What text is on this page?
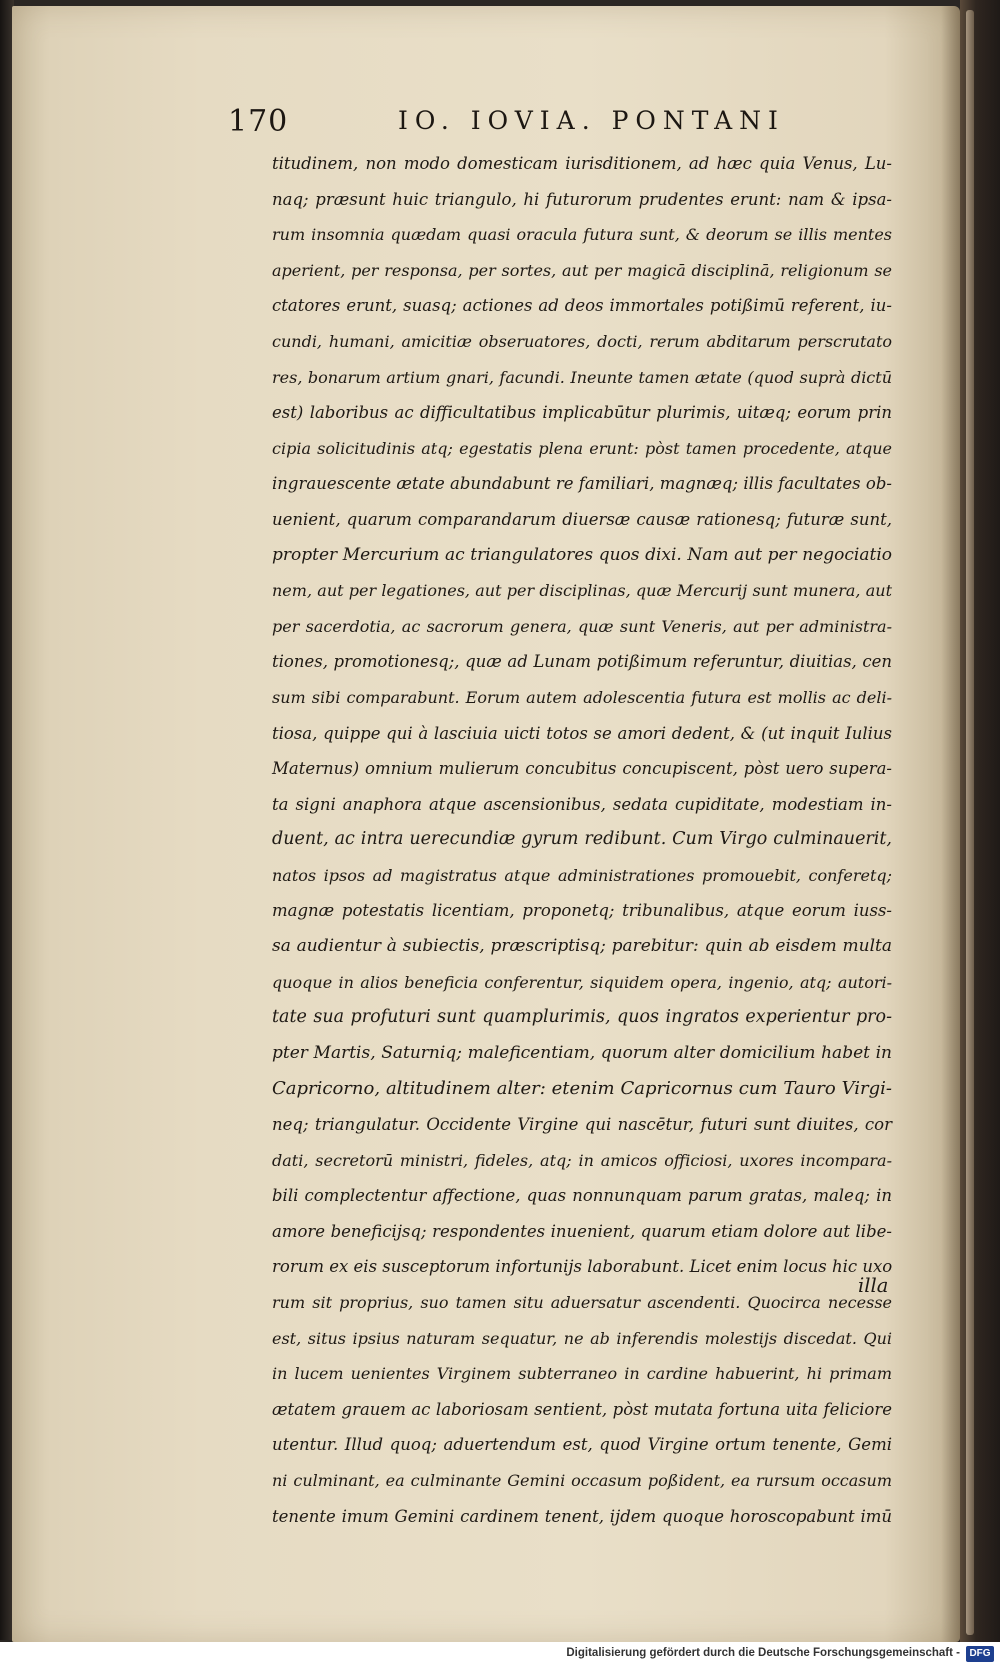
170	IO. IOVIA. PONTANI
titudinem, non modo domesticam iurisditionem, ad hæc quia Venus, Lu-
naq; præsunt huic triangulo, hi futurorum prudentes erunt: nam & ipsa-
rum insomnia quædam quasi oracula futura sunt, & deorum se illis mentes
aperient, per responsa, per sortes, aut per magicā disciplinā, religionum se
ctatores erunt, suasq; actiones ad deos immortales potißimū referent, iu-
cundi, humani, amicitiæ obseruatores, docti, rerum abditarum perscrutato
res, bonarum artium gnari, facundi. Ineunte tamen ætate (quod suprà dictū
est) laboribus ac difficultatibus implicabūtur plurimis, uitæq; eorum prin
cipia solicitudinis atq; egestatis plena erunt: pòst tamen procedente, atque
ingrauescente ætate abundabunt re familiari, magnæq; illis facultates ob-
uenient, quarum comparandarum diuersæ causæ rationesq; futuræ sunt,
propter Mercurium ac triangulatores quos dixi. Nam aut per negociatio
nem, aut per legationes, aut per disciplinas, quæ Mercurij sunt munera, aut
per sacerdotia, ac sacrorum genera, quæ sunt Veneris, aut per administra-
tiones, promotionesq;, quæ ad Lunam potißimum referuntur, diuitias, cen
sum sibi comparabunt. Eorum autem adolescentia futura est mollis ac deli-
tiosa, quippe qui à lasciuia uicti totos se amori dedent, & (ut inquit Iulius
Maternus) omnium mulierum concubitus concupiscent, pòst uero supera-
ta signi anaphora atque ascensionibus, sedata cupiditate, modestiam in-
duent, ac intra uerecundiæ gyrum redibunt. Cum Virgo culminauerit,
natos ipsos ad magistratus atque administrationes promouebit, conferetq;
magnæ potestatis licentiam, proponetq; tribunalibus, atque eorum iuss-
sa audientur à subiectis, præscriptisq; parebitur: quin ab eisdem multa
quoque in alios beneficia conferentur, siquidem opera, ingenio, atq; autori-
tate sua profuturi sunt quamplurimis, quos ingratos experientur pro-
pter Martis, Saturniq; maleficentiam, quorum alter domicilium habet in
Capricorno, altitudinem alter: etenim Capricornus cum Tauro Virgi-
neq; triangulatur. Occidente Virgine qui nascētur, futuri sunt diuites, cor
dati, secretorū ministri, fideles, atq; in amicos officiosi, uxores incompara-
bili complectentur affectione, quas nonnunquam parum gratas, maleq; in
amore beneficijsq; respondentes inuenient, quarum etiam dolore aut libe-
rorum ex eis susceptorum infortunijs laborabunt. Licet enim locus hic uxo
rum sit proprius, suo tamen situ aduersatur ascendenti. Quocirca necesse
est, situs ipsius naturam sequatur, ne ab inferendis molestijs discedat. Qui
in lucem uenientes Virginem subterraneo in cardine habuerint, hi primam
ætatem grauem ac laboriosam sentient, pòst mutata fortuna uita feliciore
utentur. Illud quoq; aduertendum est, quod Virgine ortum tenente, Gemi
ni culminant, ea culminante Gemini occasum poßident, ea rursum occasum
tenente imum Gemini cardinem tenent, ijdem quoque horoscopabunt imū
illa
Digitalisierung gefördert durch die Deutsche Forschungsgemeinschaft - DFG
